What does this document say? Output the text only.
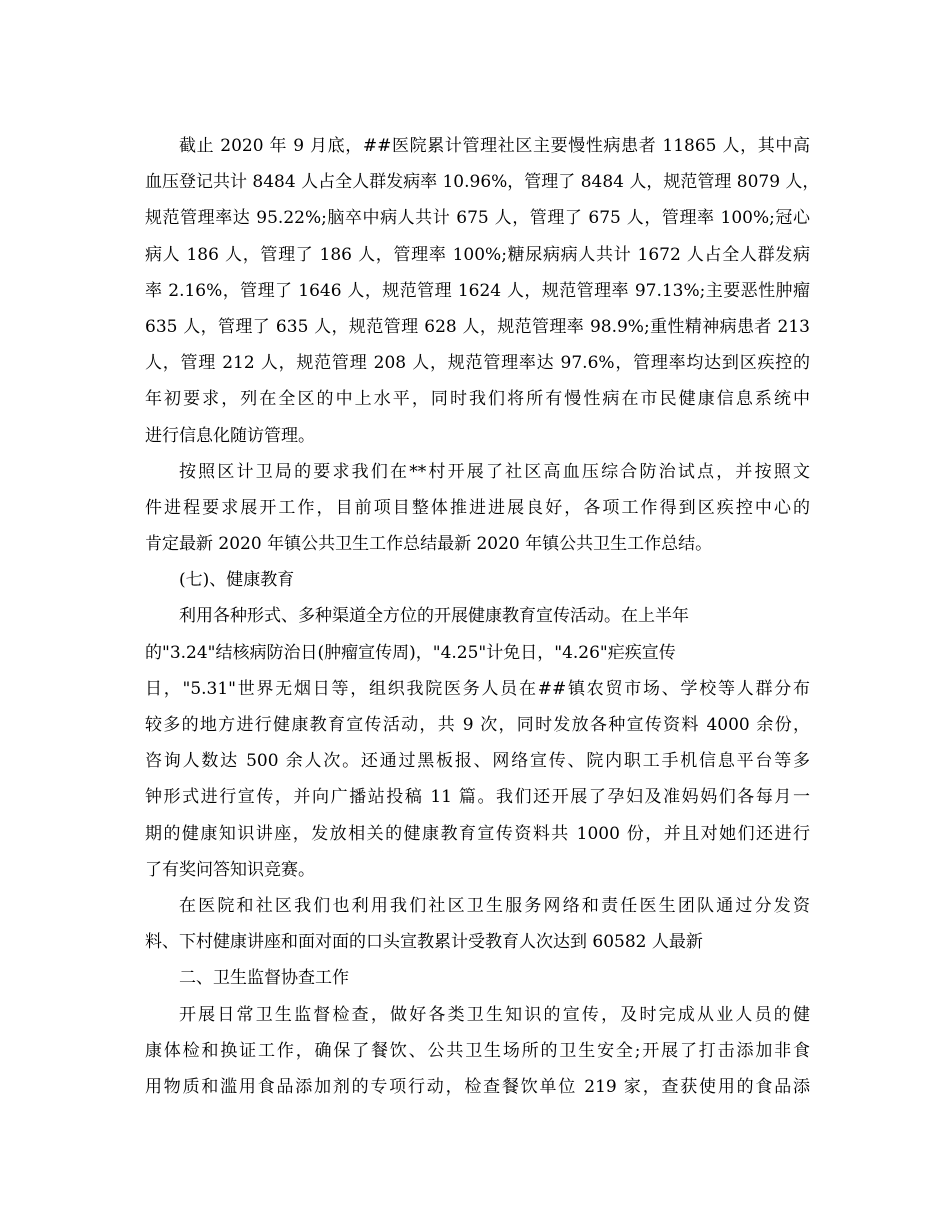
截止 2020 年 9 月底，##医院累计管理社区主要慢性病患者 11865 人，其中高
血压登记共计 8484 人占全人群发病率 10.96%，管理了 8484 人，规范管理 8079 人，
规范管理率达 95.22%;脑卒中病人共计 675 人，管理了 675 人，管理率 100%;冠心
病人 186 人，管理了 186 人，管理率 100%;糖尿病病人共计 1672 人占全人群发病
率 2.16%，管理了 1646 人，规范管理 1624 人，规范管理率 97.13%;主要恶性肿瘤
635 人，管理了 635 人，规范管理 628 人，规范管理率 98.9%;重性精神病患者 213
人，管理 212 人，规范管理 208 人，规范管理率达 97.6%，管理率均达到区疾控的
年初要求，列在全区的中上水平，同时我们将所有慢性病在市民健康信息系统中
进行信息化随访管理。
按照区计卫局的要求我们在**村开展了社区高血压综合防治试点，并按照文
件进程要求展开工作，目前项目整体推进进展良好，各项工作得到区疾控中心的
肯定最新 2020 年镇公共卫生工作总结最新 2020 年镇公共卫生工作总结。
(七)、健康教育
利用各种形式、多种渠道全方位的开展健康教育宣传活动。在上半年
的"3.24"结核病防治日(肿瘤宣传周)，"4.25"计免日，"4.26"疟疾宣传
日，"5.31"世界无烟日等，组织我院医务人员在##镇农贸市场、学校等人群分布
较多的地方进行健康教育宣传活动，共 9 次，同时发放各种宣传资料 4000 余份，
咨询人数达 500 余人次。还通过黑板报、网络宣传、院内职工手机信息平台等多
钟形式进行宣传，并向广播站投稿 11 篇。我们还开展了孕妇及准妈妈们各每月一
期的健康知识讲座，发放相关的健康教育宣传资料共 1000 份，并且对她们还进行
了有奖问答知识竞赛。
在医院和社区我们也利用我们社区卫生服务网络和责任医生团队通过分发资
料、下村健康讲座和面对面的口头宣教累计受教育人次达到 60582 人最新
二、卫生监督协查工作
开展日常卫生监督检查，做好各类卫生知识的宣传，及时完成从业人员的健
康体检和换证工作，确保了餐饮、公共卫生场所的卫生安全;开展了打击添加非食
用物质和滥用食品添加剂的专项行动，检查餐饮单位 219 家，查获使用的食品添
